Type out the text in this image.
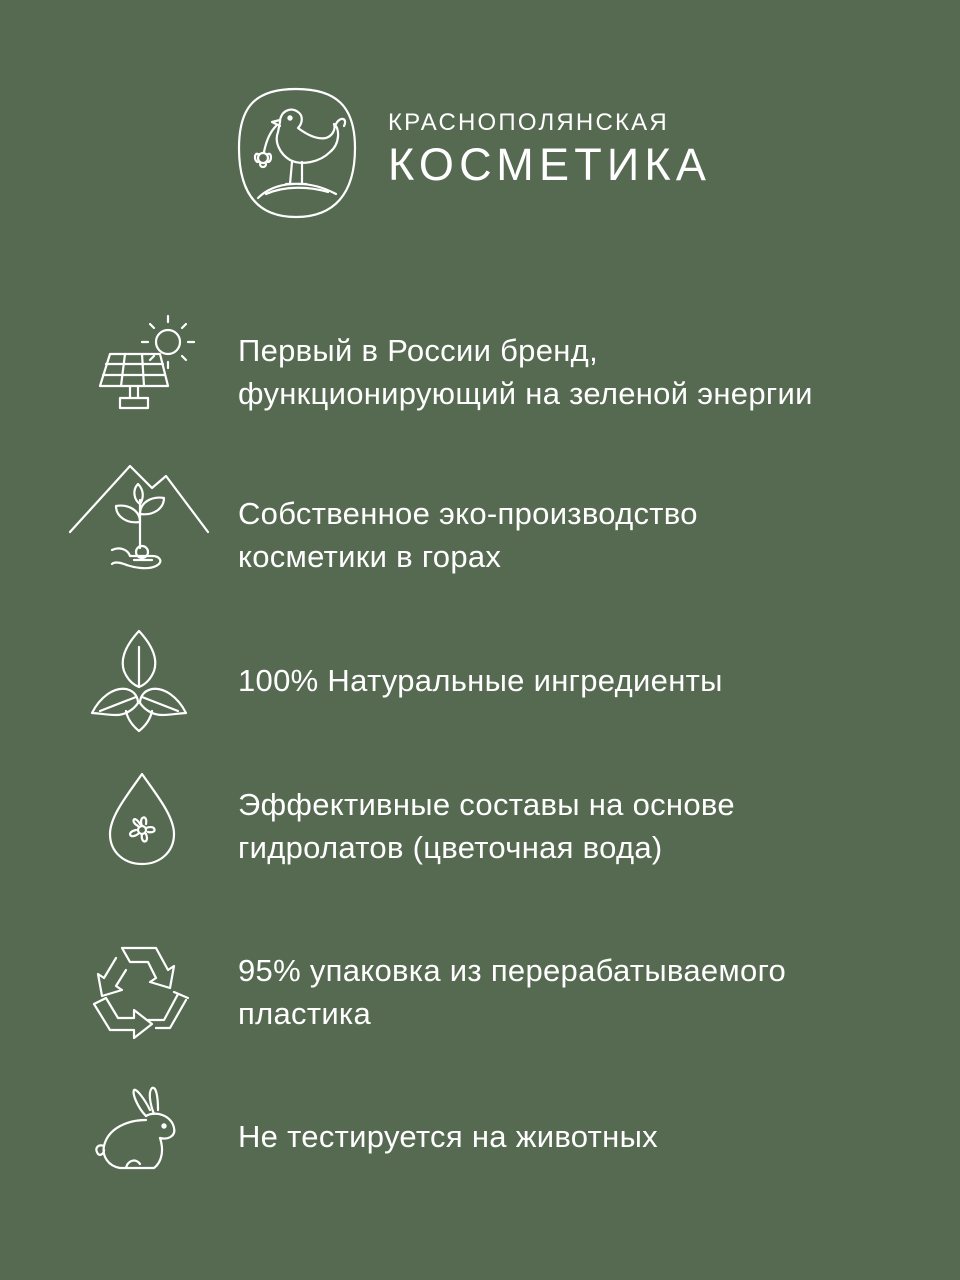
КРАСНОПОЛЯНСКАЯ
КОСМЕТИКА
Первый в России бренд,
функционирующий на зеленой энергии
Собственное эко-производство
косметики в горах
100% Натуральные ингредиенты
Эффективные составы на основе
гидролатов (цветочная вода)
95% упаковка из перерабатываемого
пластика
Не тестируется на животных
